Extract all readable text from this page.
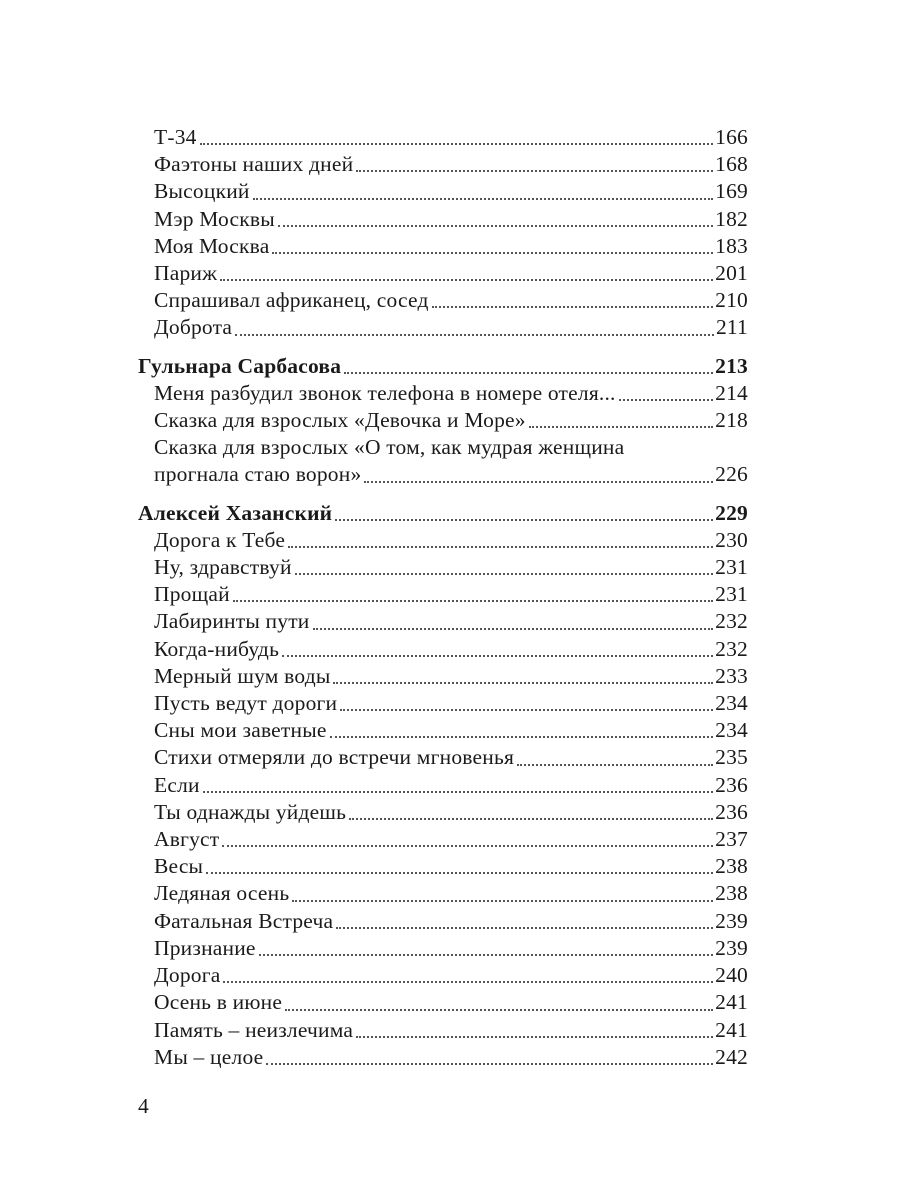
Т-34	166
Фаэтоны наших дней	168
Высоцкий	169
Мэр Москвы	182
Моя Москва	183
Париж	201
Спрашивал африканец, сосед	210
Доброта	211
Гульнара Сарбасова	213
Меня разбудил звонок телефона в номере отеля...	214
Сказка для взрослых «Девочка и Море»	218
Сказка для взрослых «О том, как мудрая женщина
прогнала стаю ворон»	226
Алексей Хазанский	229
Дорога к Тебе	230
Ну, здравствуй	231
Прощай	231
Лабиринты пути	232
Когда-нибудь	232
Мерный шум воды	233
Пусть ведут дороги	234
Сны мои заветные	234
Стихи отмеряли до встречи мгновенья	235
Если	236
Ты однажды уйдешь	236
Август	237
Весы	238
Ледяная осень	238
Фатальная Встреча	239
Признание	239
Дорога	240
Осень в июне	241
Память – неизлечима	241
Мы – целое	242
4
